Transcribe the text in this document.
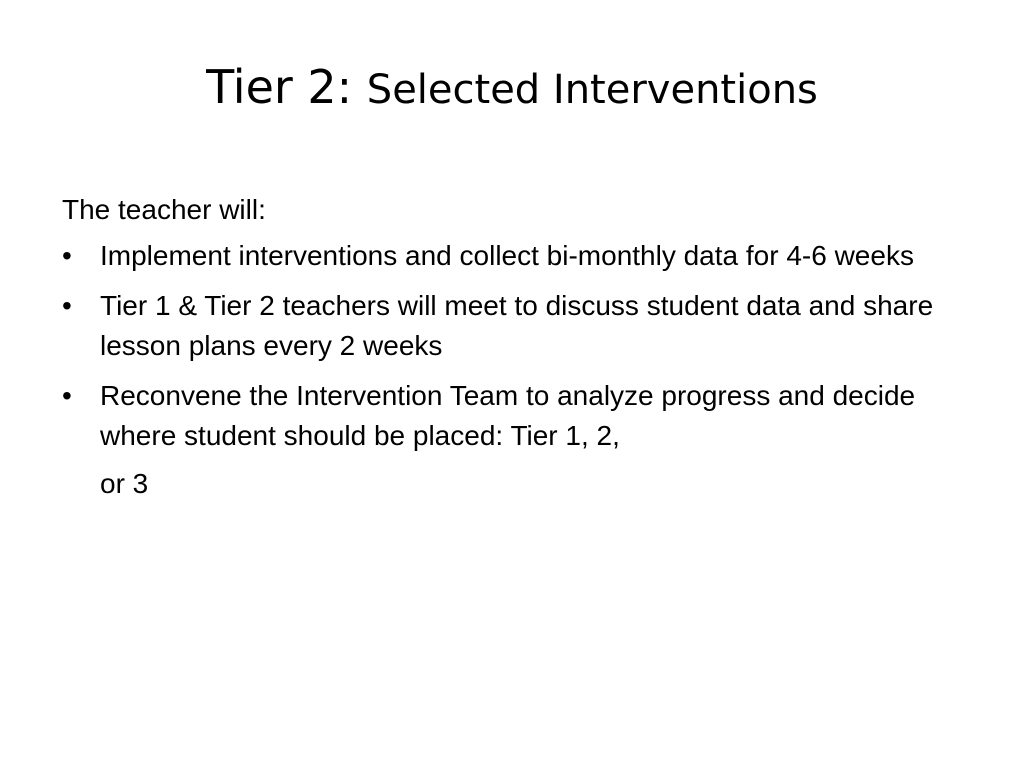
Tier 2: Selected Interventions
The teacher will:
•	Implement interventions and collect bi-monthly data for 4-6 weeks
•	Tier 1 & Tier 2 teachers will meet to discuss student data and share lesson plans every 2 weeks
•	Reconvene the Intervention Team to analyze progress and decide where student should be placed: Tier 1, 2,
or 3
